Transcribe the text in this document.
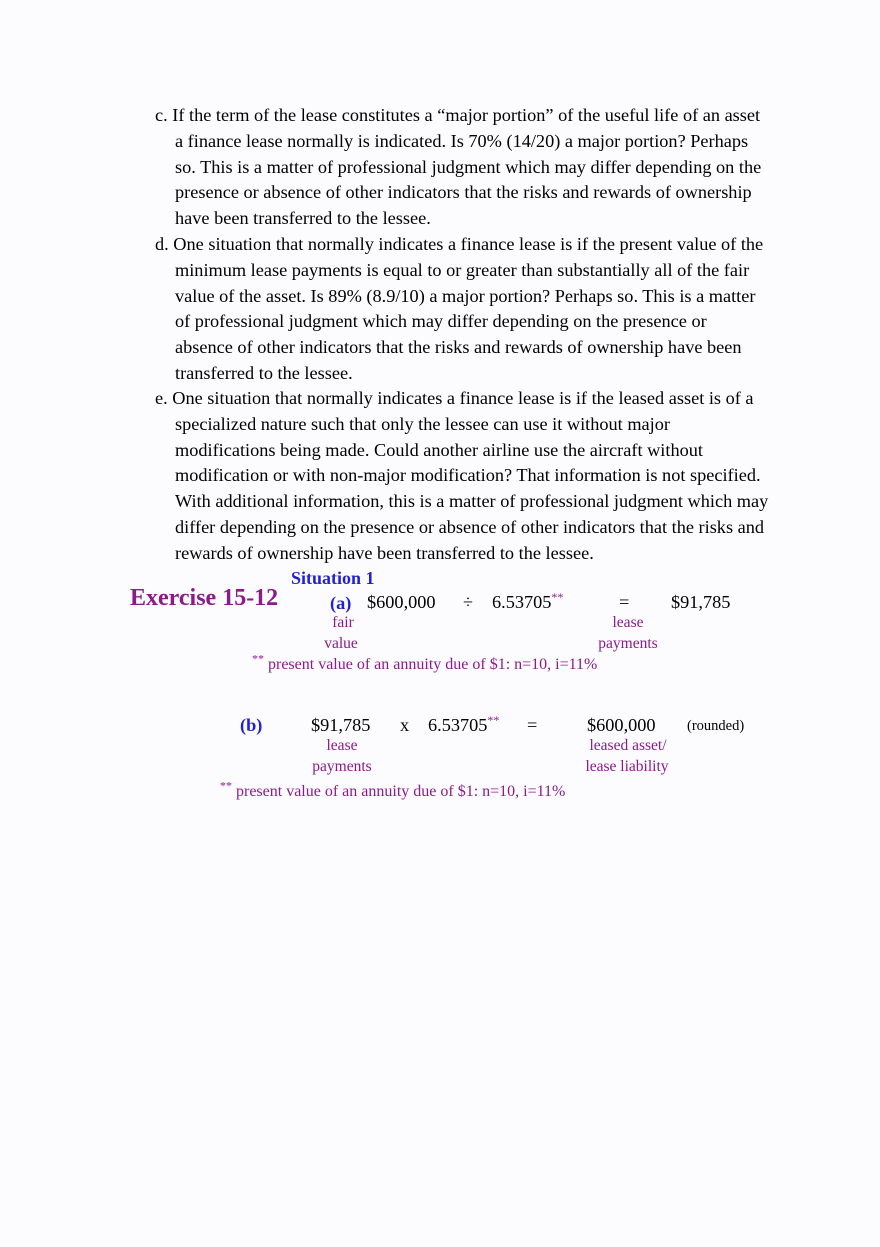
c. If the term of the lease constitutes a “major portion” of the useful life of an asset
a finance lease normally is indicated. Is 70% (14/20) a major portion? Perhaps
so. This is a matter of professional judgment which may differ depending on the
presence or absence of other indicators that the risks and rewards of ownership
have been transferred to the lessee.
d. One situation that normally indicates a finance lease is if the present value of the
minimum lease payments is equal to or greater than substantially all of the fair
value of the asset. Is 89% (8.9/10) a major portion? Perhaps so. This is a matter
of professional judgment which may differ depending on the presence or
absence of other indicators that the risks and rewards of ownership have been
transferred to the lessee.
e. One situation that normally indicates a finance lease is if the leased asset is of a
specialized nature such that only the lessee can use it without major
modifications being made. Could another airline use the aircraft without
modification or with non-major modification? That information is not specified.
With additional information, this is a matter of professional judgment which may
differ depending on the presence or absence of other indicators that the risks and
rewards of ownership have been transferred to the lessee.
Situation 1
Exercise 15-12	(a) $600,000 ÷ 6.53705**	= $91,785
fair
value
lease
payments
** present value of an annuity due of $1: n=10, i=11%
(b)	$91,785 x 6.53705** =	$600,000 (rounded)
lease
payments
leased asset/
lease liability
** present value of an annuity due of $1: n=10, i=11%
